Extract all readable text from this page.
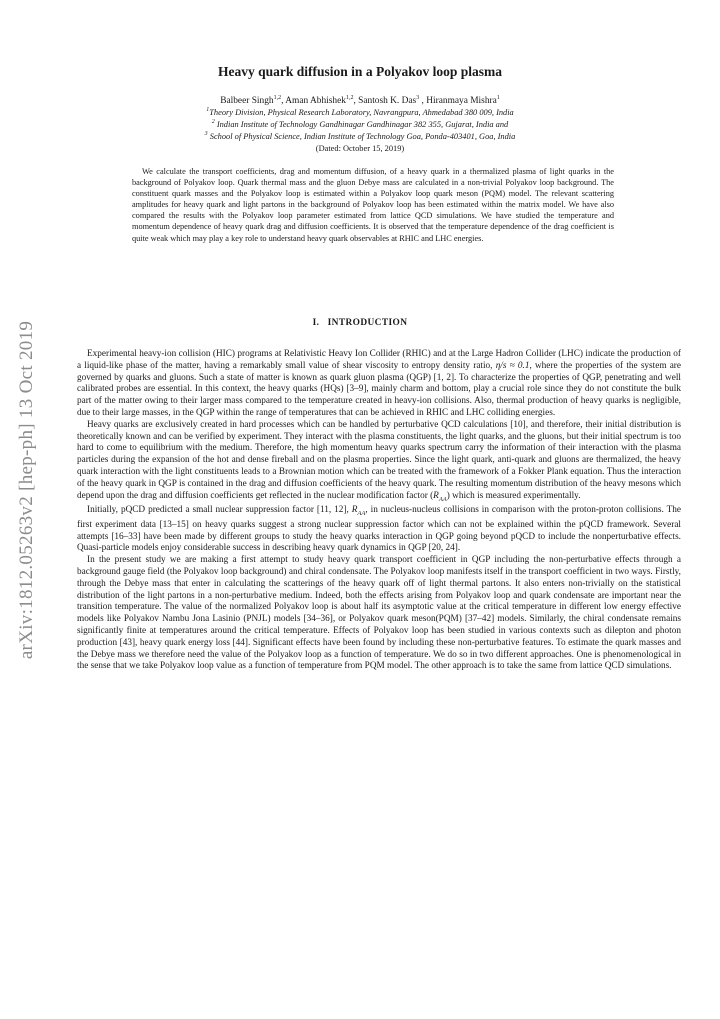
arXiv:1812.05263v2 [hep-ph] 13 Oct 2019
Heavy quark diffusion in a Polyakov loop plasma
Balbeer Singh$^{1,2}$, Aman Abhishek$^{1,2}$, Santosh K. Das$^3$ , Hiranmaya Mishra$^1$
$^1$Theory Division, Physical Research Laboratory, Navrangpura, Ahmedabad 380 009, India
$^2$ Indian Institute of Technology Gandhinagar Gandhinagar 382 355, Gujarat, India and
$^3$ School of Physical Science, Indian Institute of Technology Goa, Ponda-403401, Goa, India
(Dated: October 15, 2019)

We calculate the transport coefficients, drag and momentum diffusion, of a heavy quark in a thermalized plasma of light quarks in the background of Polyakov loop. Quark thermal mass and the gluon Debye mass are calculated in a non-trivial Polyakov loop background. The constituent quark masses and the Polyakov loop is estimated within a Polyakov loop quark meson (PQM) model. The relevant scattering amplitudes for heavy quark and light partons in the background of Polyakov loop has been estimated within the matrix model. We have also compared the results with the Polyakov loop parameter estimated from lattice QCD simulations. We have studied the temperature and momentum dependence of heavy quark drag and diffusion coefficients. It is observed that the temperature dependence of the drag coefficient is quite weak which may play a key role to understand heavy quark observables at RHIC and LHC energies.

I. INTRODUCTION

Experimental heavy-ion collision (HIC) programs at Relativistic Heavy Ion Collider (RHIC) and at the Large Hadron Collider (LHC) indicate the production of a liquid-like phase of the matter, having a remarkably small value of shear viscosity to entropy density ratio, η/s ≈ 0.1, where the properties of the system are governed by quarks and gluons. Such a state of matter is known as quark gluon plasma (QGP) [1, 2]. To characterize the properties of QGP, penetrating and well calibrated probes are essential. In this context, the heavy quarks (HQs) [3–9], mainly charm and bottom, play a crucial role since they do not constitute the bulk part of the matter owing to their larger mass compared to the temperature created in heavy-ion collisions. Also, thermal production of heavy quarks is negligible, due to their large masses, in the QGP within the range of temperatures that can be achieved in RHIC and LHC colliding energies.

Heavy quarks are exclusively created in hard processes which can be handled by perturbative QCD calculations [10], and therefore, their initial distribution is theoretically known and can be verified by experiment. They interact with the plasma constituents, the light quarks, and the gluons, but their initial spectrum is too hard to come to equilibrium with the medium. Therefore, the high momentum heavy quarks spectrum carry the information of their interaction with the plasma particles during the expansion of the hot and dense fireball and on the plasma properties. Since the light quark, anti-quark and gluons are thermalized, the heavy quark interaction with the light constituents leads to a Brownian motion which can be treated with the framework of a Fokker Plank equation. Thus the interaction of the heavy quark in QGP is contained in the drag and diffusion coefficients of the heavy quark. The resulting momentum distribution of the heavy mesons which depend upon the drag and diffusion coefficients get reflected in the nuclear modification factor $(R_{AA})$ which is measured experimentally.

Initially, pQCD predicted a small nuclear suppression factor [11, 12], $R_{AA}$, in nucleus-nucleus collisions in comparison with the proton-proton collisions. The first experiment data [13–15] on heavy quarks suggest a strong nuclear suppression factor which can not be explained within the pQCD framework. Several attempts [16–33] have been made by different groups to study the heavy quarks interaction in QGP going beyond pQCD to include the nonperturbative effects. Quasi-particle models enjoy considerable success in describing heavy quark dynamics in QGP [20, 24].

In the present study we are making a first attempt to study heavy quark transport coefficient in QGP including the non-perturbative effects through a background gauge field (the Polyakov loop background) and chiral condensate. The Polyakov loop manifests itself in the transport coefficient in two ways. Firstly, through the Debye mass that enter in calculating the scatterings of the heavy quark off of light thermal partons. It also enters non-trivially on the statistical distribution of the light partons in a non-perturbative medium. Indeed, both the effects arising from Polyakov loop and quark condensate are important near the transition temperature. The value of the normalized Polyakov loop is about half its asymptotic value at the critical temperature in different low energy effective models like Polyakov Nambu Jona Lasinio (PNJL) models [34–36], or Polyakov quark meson(PQM) [37–42] models. Similarly, the chiral condensate remains significantly finite at temperatures around the critical temperature. Effects of Polyakov loop has been studied in various contexts such as dilepton and photon production [43], heavy quark energy loss [44]. Significant effects have been found by including these non-perturbative features. To estimate the quark masses and the Debye mass we therefore need the value of the Polyakov loop as a function of temperature. We do so in two different approaches. One is phenomenological in the sense that we take Polyakov loop value as a function of temperature from PQM model. The other approach is to take the same from lattice QCD simulations.
